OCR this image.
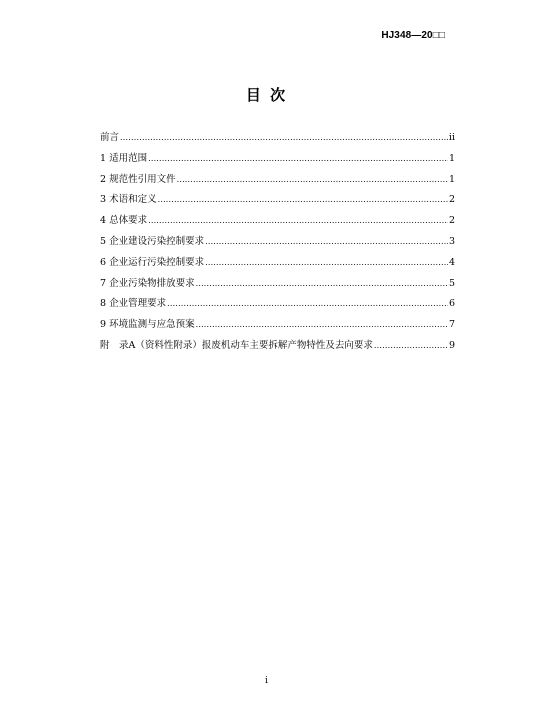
HJ348—20□□
目 次
前言 .....	ii
1 适用范围 .....	1
2 规范性引用文件 .....	1
3 术语和定义 .....	2
4 总体要求 .....	2
5 企业建设污染控制要求 .....	3
6 企业运行污染控制要求 .....	4
7 企业污染物排放要求 .....	5
8 企业管理要求 .....	6
9 环境监测与应急预案 .....	7
附　录A（资料性附录）报废机动车主要拆解产物特性及去向要求 .....	9
i
